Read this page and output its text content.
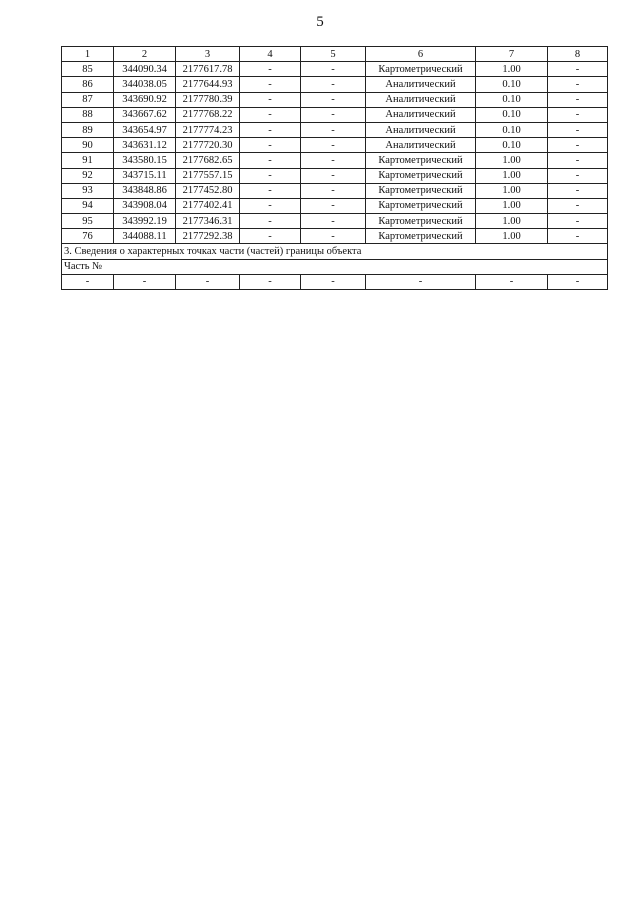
5
1	2	3	4	5	6	7	8
85	344090.34	2177617.78	-	-	Картометрический	1.00	-
86	344038.05	2177644.93	-	-	Аналитический	0.10	-
87	343690.92	2177780.39	-	-	Аналитический	0.10	-
88	343667.62	2177768.22	-	-	Аналитический	0.10	-
89	343654.97	2177774.23	-	-	Аналитический	0.10	-
90	343631.12	2177720.30	-	-	Аналитический	0.10	-
91	343580.15	2177682.65	-	-	Картометрический	1.00	-
92	343715.11	2177557.15	-	-	Картометрический	1.00	-
93	343848.86	2177452.80	-	-	Картометрический	1.00	-
94	343908.04	2177402.41	-	-	Картометрический	1.00	-
95	343992.19	2177346.31	-	-	Картометрический	1.00	-
76	344088.11	2177292.38	-	-	Картометрический	1.00	-
3. Сведения о характерных точках части (частей) границы объекта							
Часть №							
-	-	-	-	-	-	-	-
